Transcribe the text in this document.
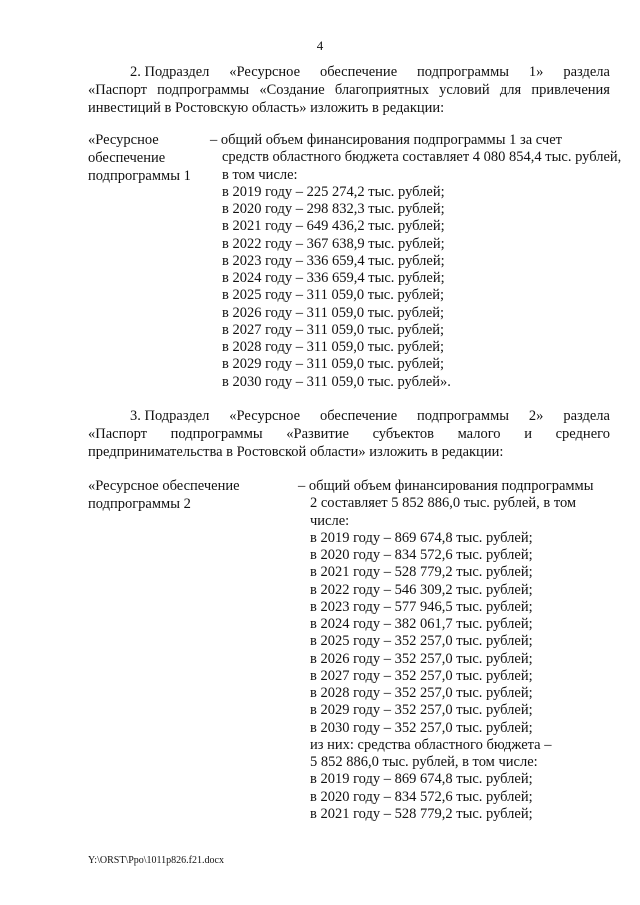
4
2. Подраздел «Ресурсное обеспечение подпрограммы 1» раздела
«Паспорт подпрограммы «Создание благоприятных условий для привлечения
инвестиций в Ростовскую область» изложить в редакции:
«Ресурсное
обеспечение
подпрограммы 1
– общий объем финансирования подпрограммы 1 за счет
средств областного бюджета составляет 4 080 854,4 тыс. рублей,
в том числе:
в 2019 году – 225 274,2 тыс. рублей;
в 2020 году – 298 832,3 тыс. рублей;
в 2021 году – 649 436,2 тыс. рублей;
в 2022 году – 367 638,9 тыс. рублей;
в 2023 году – 336 659,4 тыс. рублей;
в 2024 году – 336 659,4 тыс. рублей;
в 2025 году – 311 059,0 тыс. рублей;
в 2026 году – 311 059,0 тыс. рублей;
в 2027 году – 311 059,0 тыс. рублей;
в 2028 году – 311 059,0 тыс. рублей;
в 2029 году – 311 059,0 тыс. рублей;
в 2030 году – 311 059,0 тыс. рублей».
3. Подраздел «Ресурсное обеспечение подпрограммы 2» раздела
«Паспорт подпрограммы «Развитие субъектов малого и среднего
предпринимательства в Ростовской области» изложить в редакции:
«Ресурсное обеспечение
подпрограммы 2
– общий объем финансирования подпрограммы
2 составляет 5 852 886,0 тыс. рублей, в том
числе:
в 2019 году – 869 674,8 тыс. рублей;
в 2020 году – 834 572,6 тыс. рублей;
в 2021 году – 528 779,2 тыс. рублей;
в 2022 году – 546 309,2 тыс. рублей;
в 2023 году – 577 946,5 тыс. рублей;
в 2024 году – 382 061,7 тыс. рублей;
в 2025 году – 352 257,0 тыс. рублей;
в 2026 году – 352 257,0 тыс. рублей;
в 2027 году – 352 257,0 тыс. рублей;
в 2028 году – 352 257,0 тыс. рублей;
в 2029 году – 352 257,0 тыс. рублей;
в 2030 году – 352 257,0 тыс. рублей;
из них: средства областного бюджета –
5 852 886,0 тыс. рублей, в том числе:
в 2019 году – 869 674,8 тыс. рублей;
в 2020 году – 834 572,6 тыс. рублей;
в 2021 году – 528 779,2 тыс. рублей;
Y:\ORST\Ppo\1011p826.f21.docx
